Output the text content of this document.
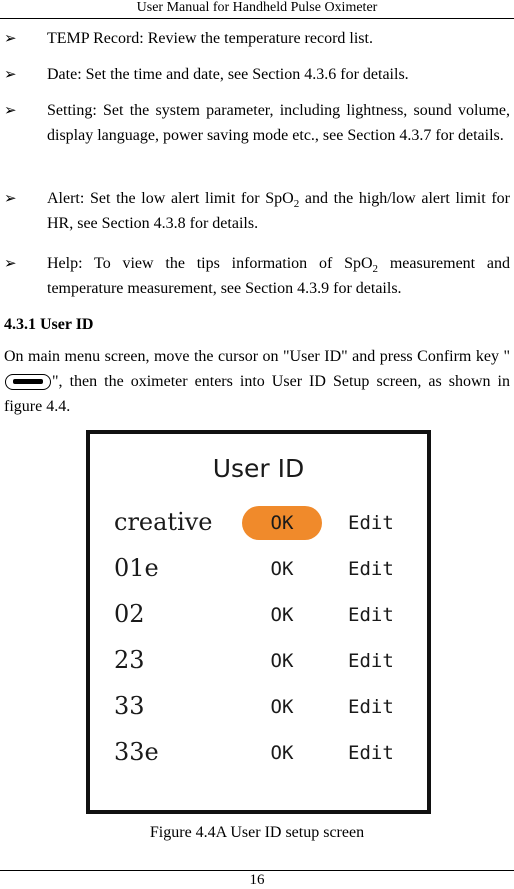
User Manual for Handheld Pulse Oximeter
➢ TEMP Record: Review the temperature record list.
➢ Date: Set the time and date, see Section 4.3.6 for details.
➢ Setting: Set the system parameter, including lightness, sound volume, display language, power saving mode etc., see Section 4.3.7 for details.
➢ Alert: Set the low alert limit for SpO$_2$ and the high/low alert limit for HR, see Section 4.3.8 for details.
➢ Help: To view the tips information of SpO$_2$ measurement and temperature measurement, see Section 4.3.9 for details.
4.3.1 User ID
On main menu screen, move the cursor on "User ID" and press Confirm key "", then the oximeter enters into User ID Setup screen, as shown in figure 4.4.
User ID
creative	OK	Edit
01e	OK	Edit
02	OK	Edit
23	OK	Edit
33	OK	Edit
33e	OK	Edit
Figure 4.4A User ID setup screen
16
